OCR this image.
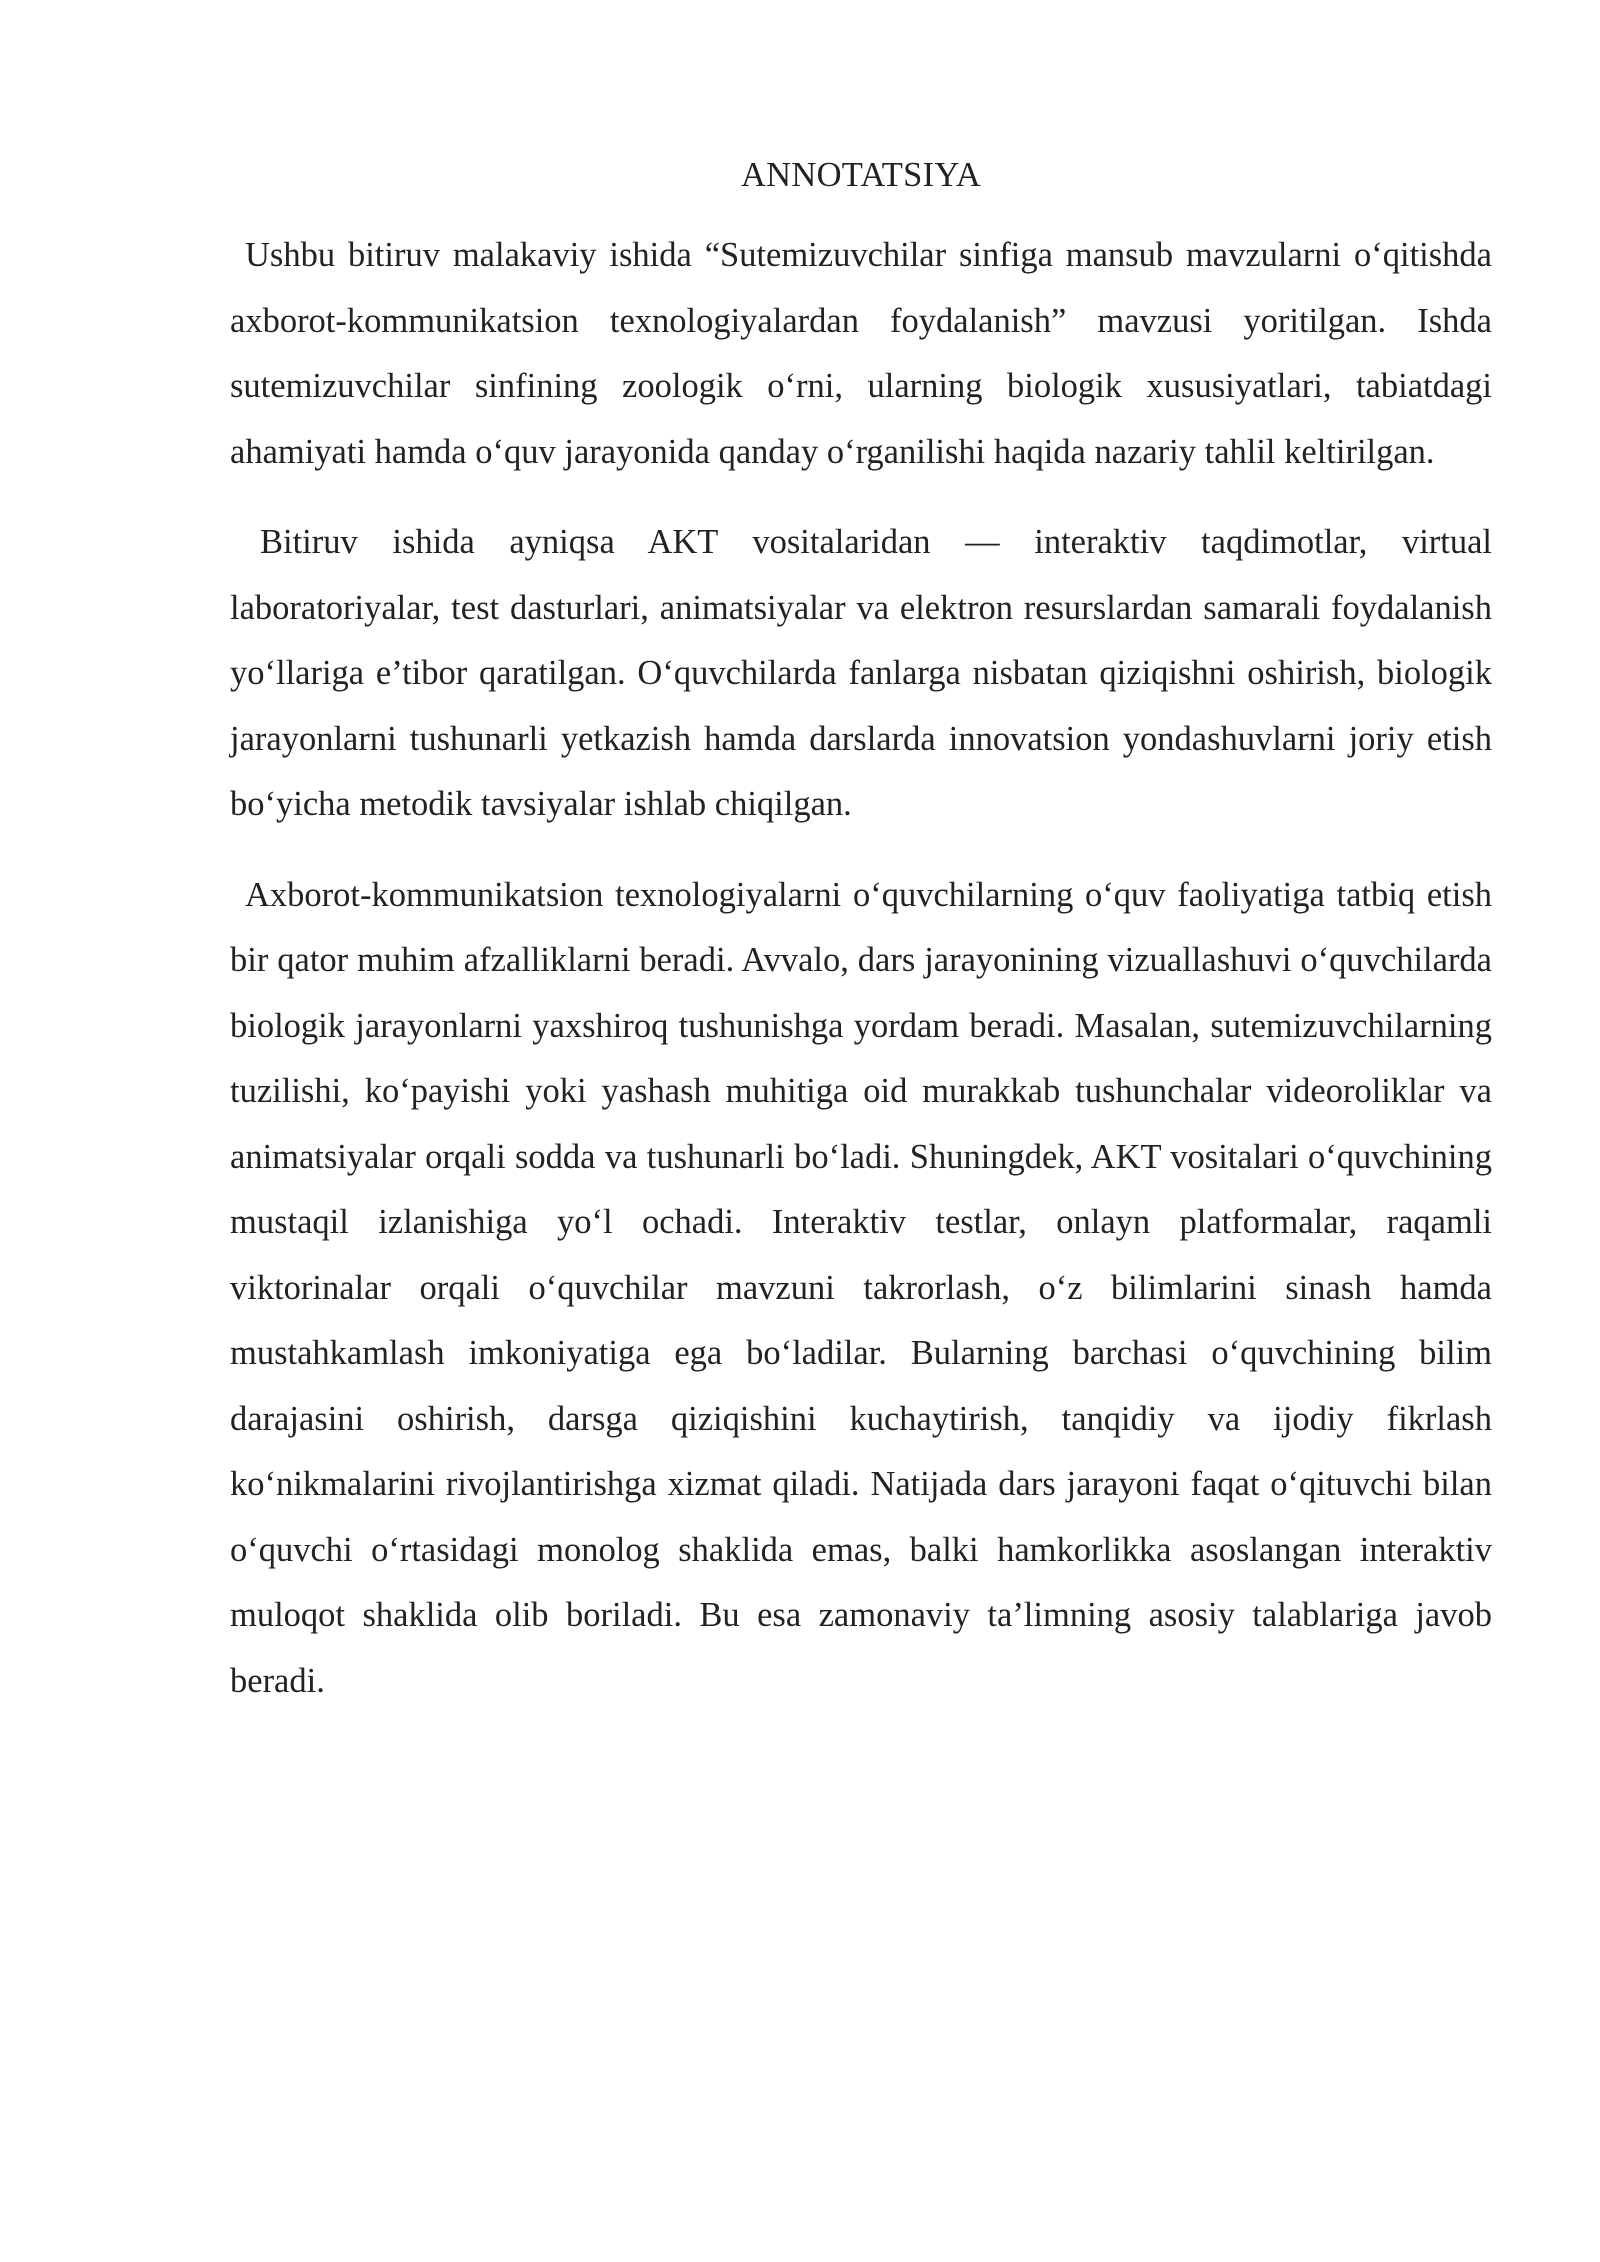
ANNOTATSIYA

Ushbu bitiruv malakaviy ishida “Sutemizuvchilar sinfiga mansub mavzularni o‘qitishda axborot-kommunikatsion texnologiyalardan foydalanish” mavzusi yoritilgan. Ishda sutemizuvchilar sinfining zoologik o‘rni, ularning biologik xususiyatlari, tabiatdagi ahamiyati hamda o‘quv jarayonida qanday o‘rganilishi haqida nazariy tahlil keltirilgan.

Bitiruv ishida ayniqsa AKT vositalaridan — interaktiv taqdimotlar, virtual laboratoriyalar, test dasturlari, animatsiyalar va elektron resurslardan samarali foydalanish yo‘llariga e’tibor qaratilgan. O‘quvchilarda fanlarga nisbatan qiziqishni oshirish, biologik jarayonlarni tushunarli yetkazish hamda darslarda innovatsion yondashuvlarni joriy etish bo‘yicha metodik tavsiyalar ishlab chiqilgan.

Axborot-kommunikatsion texnologiyalarni o‘quvchilarning o‘quv faoliyatiga tatbiq etish bir qator muhim afzalliklarni beradi. Avvalo, dars jarayonining vizuallashuvi o‘quvchilarda biologik jarayonlarni yaxshiroq tushunishga yordam beradi. Masalan, sutemizuvchilarning tuzilishi, ko‘payishi yoki yashash muhitiga oid murakkab tushunchalar videoroliklar va animatsiyalar orqali sodda va tushunarli bo‘ladi. Shuningdek, AKT vositalari o‘quvchining mustaqil izlanishiga yo‘l ochadi. Interaktiv testlar, onlayn platformalar, raqamli viktorinalar orqali o‘quvchilar mavzuni takrorlash, o‘z bilimlarini sinash hamda mustahkamlash imkoniyatiga ega bo‘ladilar. Bularning barchasi o‘quvchining bilim darajasini oshirish, darsga qiziqishini kuchaytirish, tanqidiy va ijodiy fikrlash ko‘nikmalarini rivojlantirishga xizmat qiladi. Natijada dars jarayoni faqat o‘qituvchi bilan o‘quvchi o‘rtasidagi monolog shaklida emas, balki hamkorlikka asoslangan interaktiv muloqot shaklida olib boriladi. Bu esa zamonaviy ta’limning asosiy talablariga javob beradi.
